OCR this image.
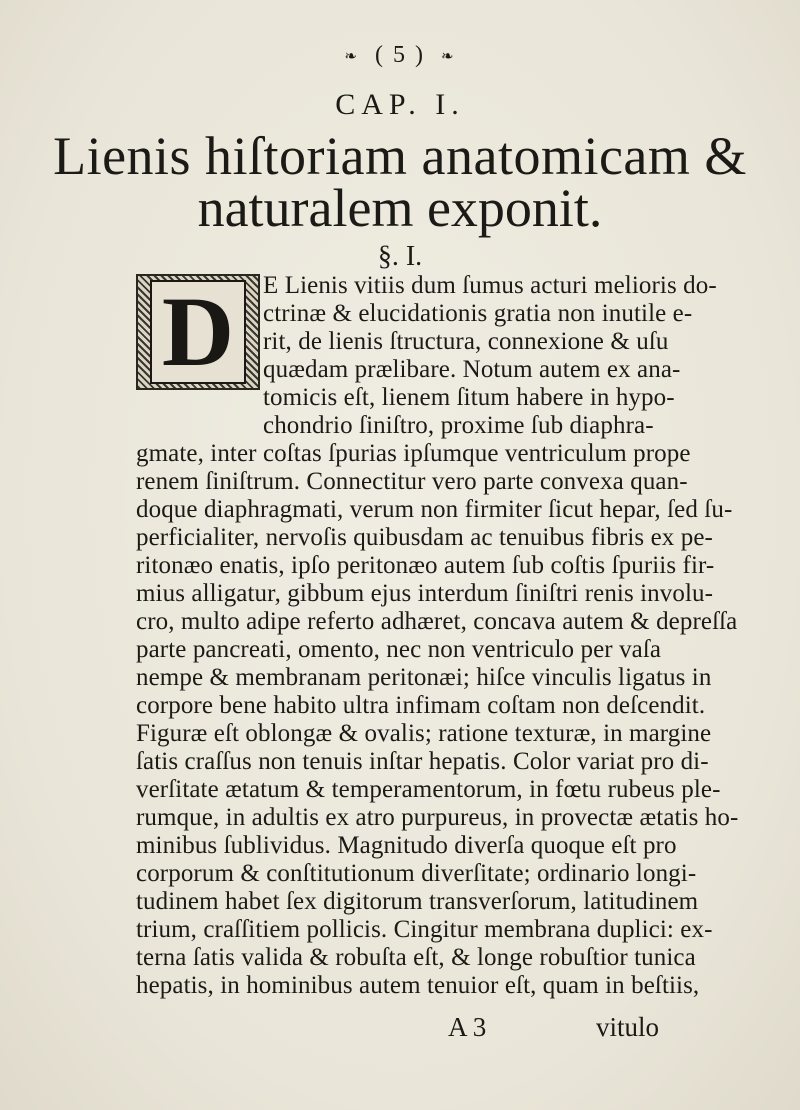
❧ ( 5 ) ❧
CAP. I.
Lienis hiſtoriam anatomicam &
naturalem exponit.
§. I.
D	E Lienis vitiis dum ſumus acturi melioris do-
ctrinæ & elucidationis gratia non inutile e-
rit, de lienis ſtructura, connexione & uſu
quædam prælibare. Notum autem ex ana-
tomicis eſt, lienem ſitum habere in hypo-
chondrio ſiniſtro, proxime ſub diaphra-
gmate, inter coſtas ſpurias ipſumque ventriculum prope
renem ſiniſtrum. Connectitur vero parte convexa quan-
doque diaphragmati, verum non firmiter ſicut hepar, ſed ſu-
perficialiter, nervoſis quibusdam ac tenuibus fibris ex pe-
ritonæo enatis, ipſo peritonæo autem ſub coſtis ſpuriis fir-
mius alligatur, gibbum ejus interdum ſiniſtri renis involu-
cro, multo adipe referto adhæret, concava autem & depreſſa
parte pancreati, omento, nec non ventriculo per vaſa
nempe & membranam peritonæi; hiſce vinculis ligatus in
corpore bene habito ultra infimam coſtam non deſcendit.
Figuræ eſt oblongæ & ovalis; ratione texturæ, in margine
ſatis craſſus non tenuis inſtar hepatis. Color variat pro di-
verſitate ætatum & temperamentorum, in fœtu rubeus ple-
rumque, in adultis ex atro purpureus, in provectæ ætatis ho-
minibus ſublividus. Magnitudo diverſa quoque eſt pro
corporum & conſtitutionum diverſitate; ordinario longi-
tudinem habet ſex digitorum transverſorum, latitudinem
trium, craſſitiem pollicis. Cingitur membrana duplici: ex-
terna ſatis valida & robuſta eſt, & longe robuſtior tunica
hepatis, in hominibus autem tenuior eſt, quam in beſtiis,
A 3	vitulo
